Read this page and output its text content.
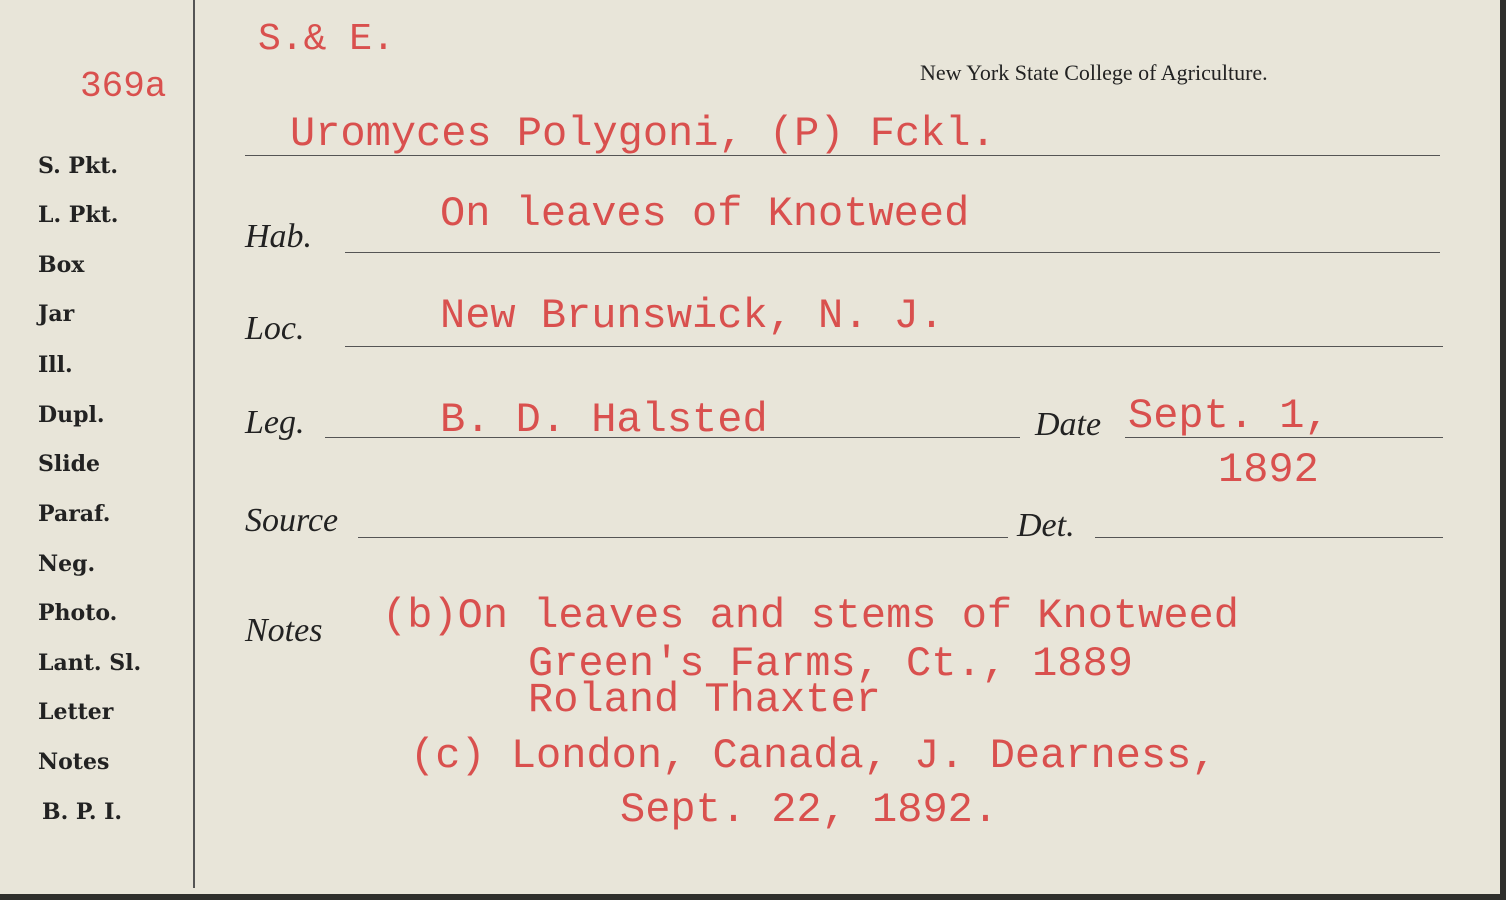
369a
S.& E.
New York State College of Agriculture.
Uromyces Polygoni, (P) Fckl.
S. Pkt.
L. Pkt.
Box
Jar
Ill.
Dupl.
Slide
Paraf.
Neg.
Photo.
Lant. Sl.
Letter
Notes
B. P. I.
Hab.	On leaves of Knotweed
Loc.	New Brunswick, N. J.
Leg.	B. D. Halsted	Date Sept. 1,
1892
Source	Det.
Notes (b)On leaves and stems of Knotweed
Green's Farms, Ct., 1889
Roland Thaxter
(c) London, Canada, J. Dearness,
Sept. 22, 1892.
